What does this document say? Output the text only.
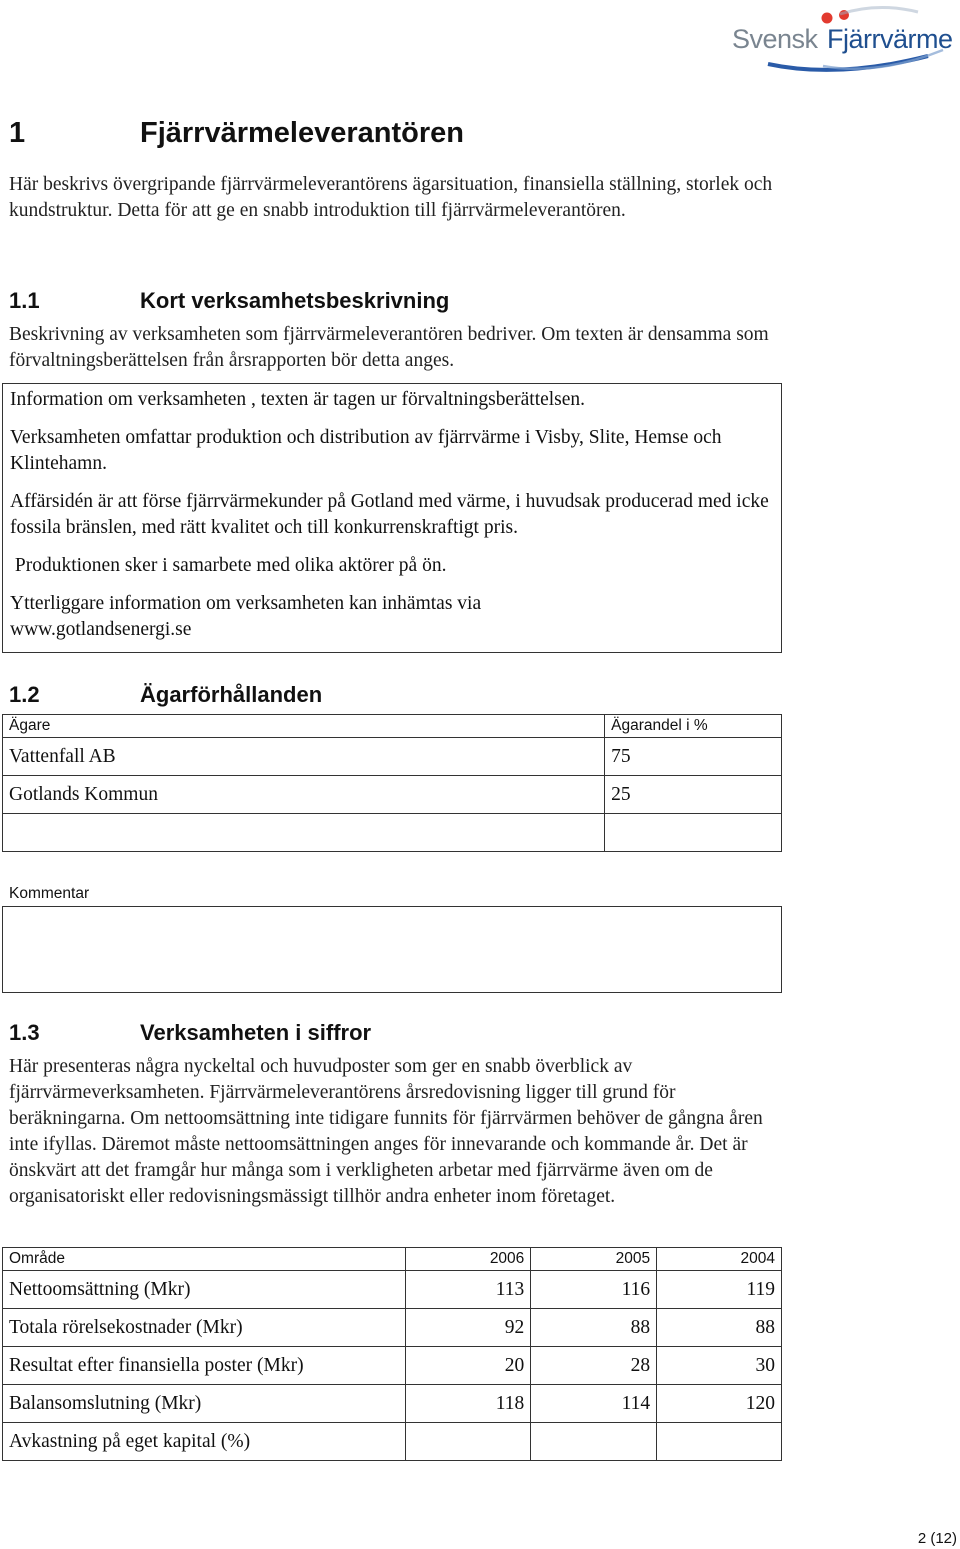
Svensk Fjärrvärme
1	Fjärrvärmeleverantören
Här beskrivs övergripande fjärrvärmeleverantörens ägarsituation, finansiella ställning, storlek och kundstruktur. Detta för att ge en snabb introduktion till fjärrvärmeleverantören.
1.1	Kort verksamhetsbeskrivning
Beskrivning av verksamheten som fjärrvärmeleverantören bedriver. Om texten är densamma som förvaltningsberättelsen från årsrapporten bör detta anges.

Information om verksamheten , texten är tagen ur förvaltningsberättelsen.

Verksamheten omfattar produktion och distribution av fjärrvärme i Visby, Slite, Hemse och Klintehamn.

Affärsidén är att förse fjärrvärmekunder på Gotland med värme, i huvudsak producerad med icke fossila bränslen, med rätt kvalitet och till konkurrenskraftigt pris.

Produktionen sker i samarbete med olika aktörer på ön.

Ytterliggare information om verksamheten kan inhämtas via www.gotlandsenergi.se

1.2	Ägarförhållanden
Ägare	Ägarandel i %
Vattenfall AB	75
Gotlands Kommun	25

Kommentar
1.3	Verksamheten i siffror
Här presenteras några nyckeltal och huvudposter som ger en snabb överblick av fjärrvärmeverksamheten. Fjärrvärmeleverantörens årsredovisning ligger till grund för beräkningarna. Om nettoomsättning inte tidigare funnits för fjärrvärmen behöver de gångna åren inte ifyllas. Däremot måste nettoomsättningen anges för innevarande och kommande år. Det är önskvärt att det framgår hur många som i verkligheten arbetar med fjärrvärme även om de organisatoriskt eller redovisningsmässigt tillhör andra enheter inom företaget.
Område	2006	2005	2004
Nettoomsättning (Mkr)	113	116	119
Totala rörelsekostnader (Mkr)	92	88	88
Resultat efter finansiella poster (Mkr)	20	28	30
Balansomslutning (Mkr)	118	114	120
Avkastning på eget kapital (%)			
2 (12)
